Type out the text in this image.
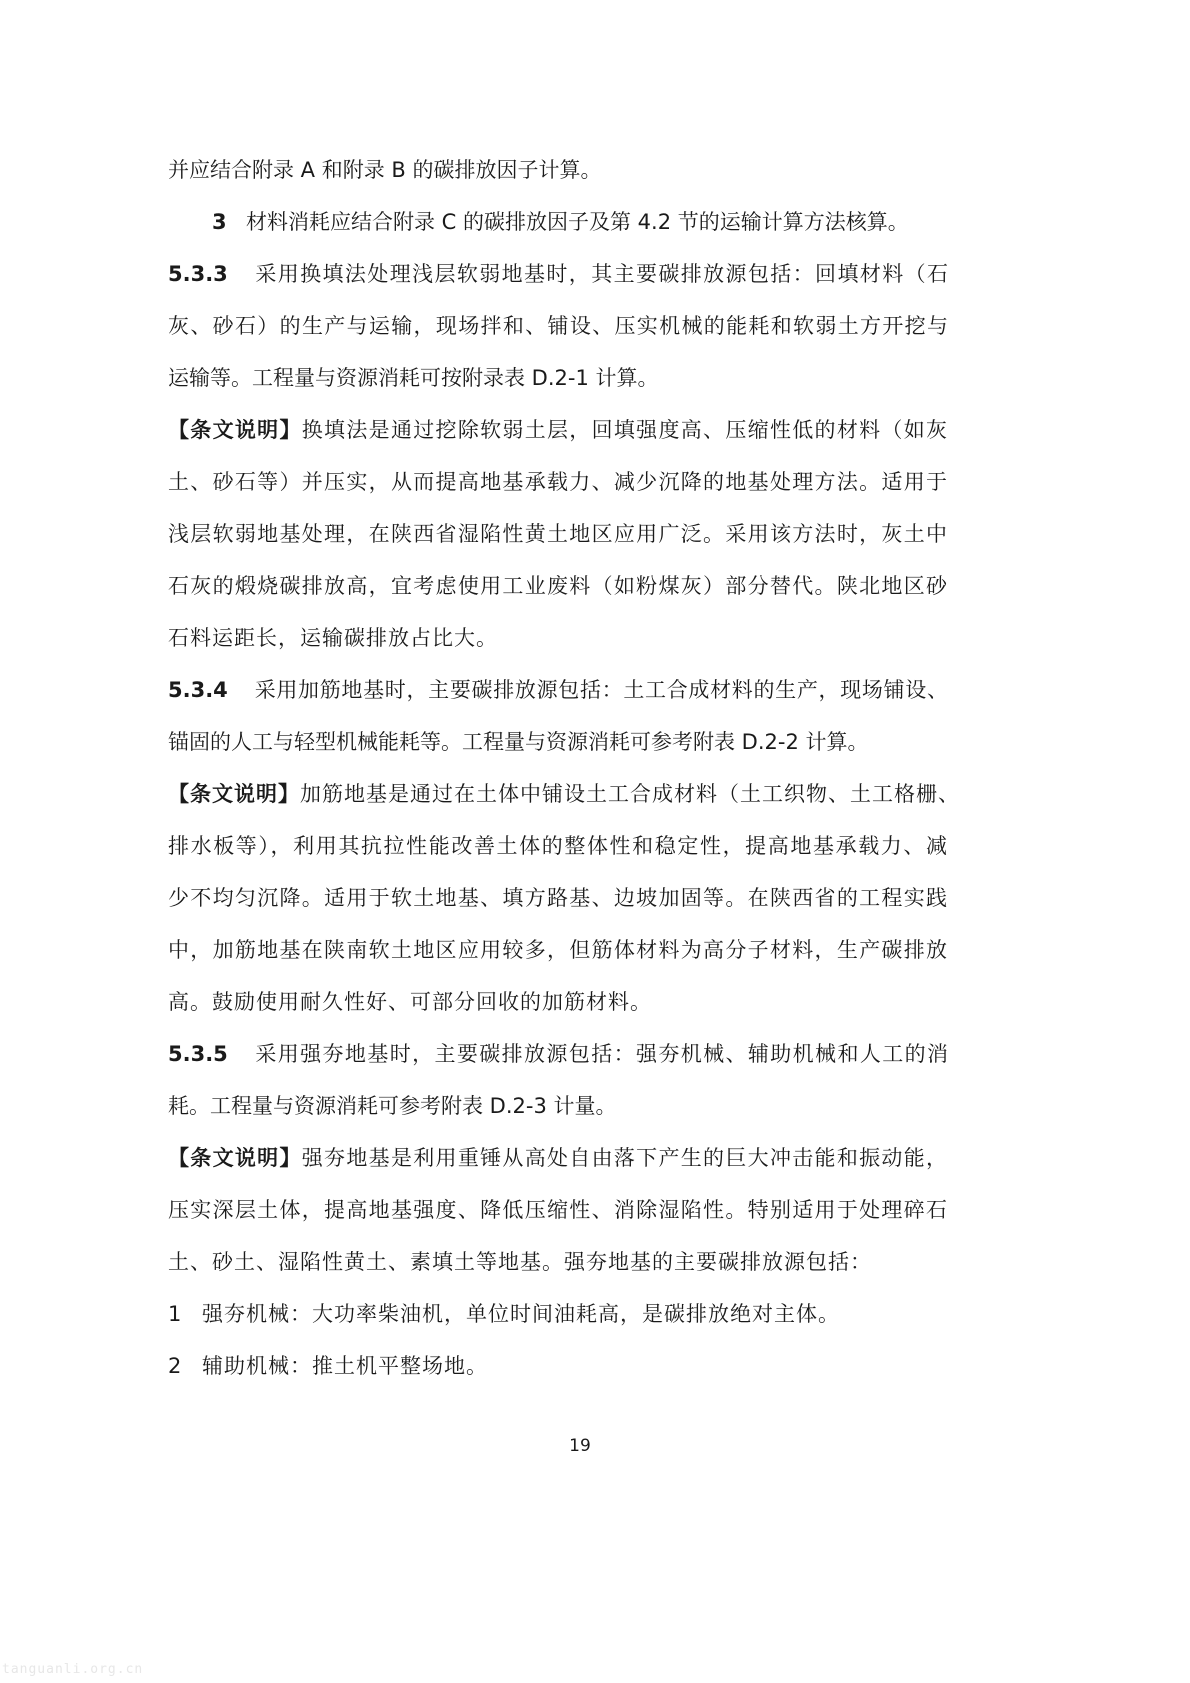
并应结合附录 A 和附录 B 的碳排放因子计算。
3 材料消耗应结合附录 C 的碳排放因子及第 4.2 节的运输计算方法核算。
5.3.3 采用换填法处理浅层软弱地基时，其主要碳排放源包括：回填材料（石
灰、砂石）的生产与运输，现场拌和、铺设、压实机械的能耗和软弱土方开挖与
运输等。工程量与资源消耗可按附录表 D.2-1 计算。
【条文说明】换填法是通过挖除软弱土层，回填强度高、压缩性低的材料（如灰
土、砂石等）并压实，从而提高地基承载力、减少沉降的地基处理方法。适用于
浅层软弱地基处理，在陕西省湿陷性黄土地区应用广泛。采用该方法时，灰土中
石灰的煅烧碳排放高，宜考虑使用工业废料（如粉煤灰）部分替代。陕北地区砂
石料运距长，运输碳排放占比大。
5.3.4 采用加筋地基时，主要碳排放源包括：土工合成材料的生产，现场铺设、
锚固的人工与轻型机械能耗等。工程量与资源消耗可参考附表 D.2-2 计算。
【条文说明】加筋地基是通过在土体中铺设土工合成材料（土工织物、土工格栅、
排水板等），利用其抗拉性能改善土体的整体性和稳定性，提高地基承载力、减
少不均匀沉降。适用于软土地基、填方路基、边坡加固等。在陕西省的工程实践
中，加筋地基在陕南软土地区应用较多，但筋体材料为高分子材料，生产碳排放
高。鼓励使用耐久性好、可部分回收的加筋材料。
5.3.5 采用强夯地基时，主要碳排放源包括：强夯机械、辅助机械和人工的消
耗。工程量与资源消耗可参考附表 D.2-3 计量。
【条文说明】强夯地基是利用重锤从高处自由落下产生的巨大冲击能和振动能，
压实深层土体，提高地基强度、降低压缩性、消除湿陷性。特别适用于处理碎石
土、砂土、湿陷性黄土、素填土等地基。强夯地基的主要碳排放源包括：
1 强夯机械：大功率柴油机，单位时间油耗高，是碳排放绝对主体。
2 辅助机械：推土机平整场地。
19
tanguanli.org.cn
